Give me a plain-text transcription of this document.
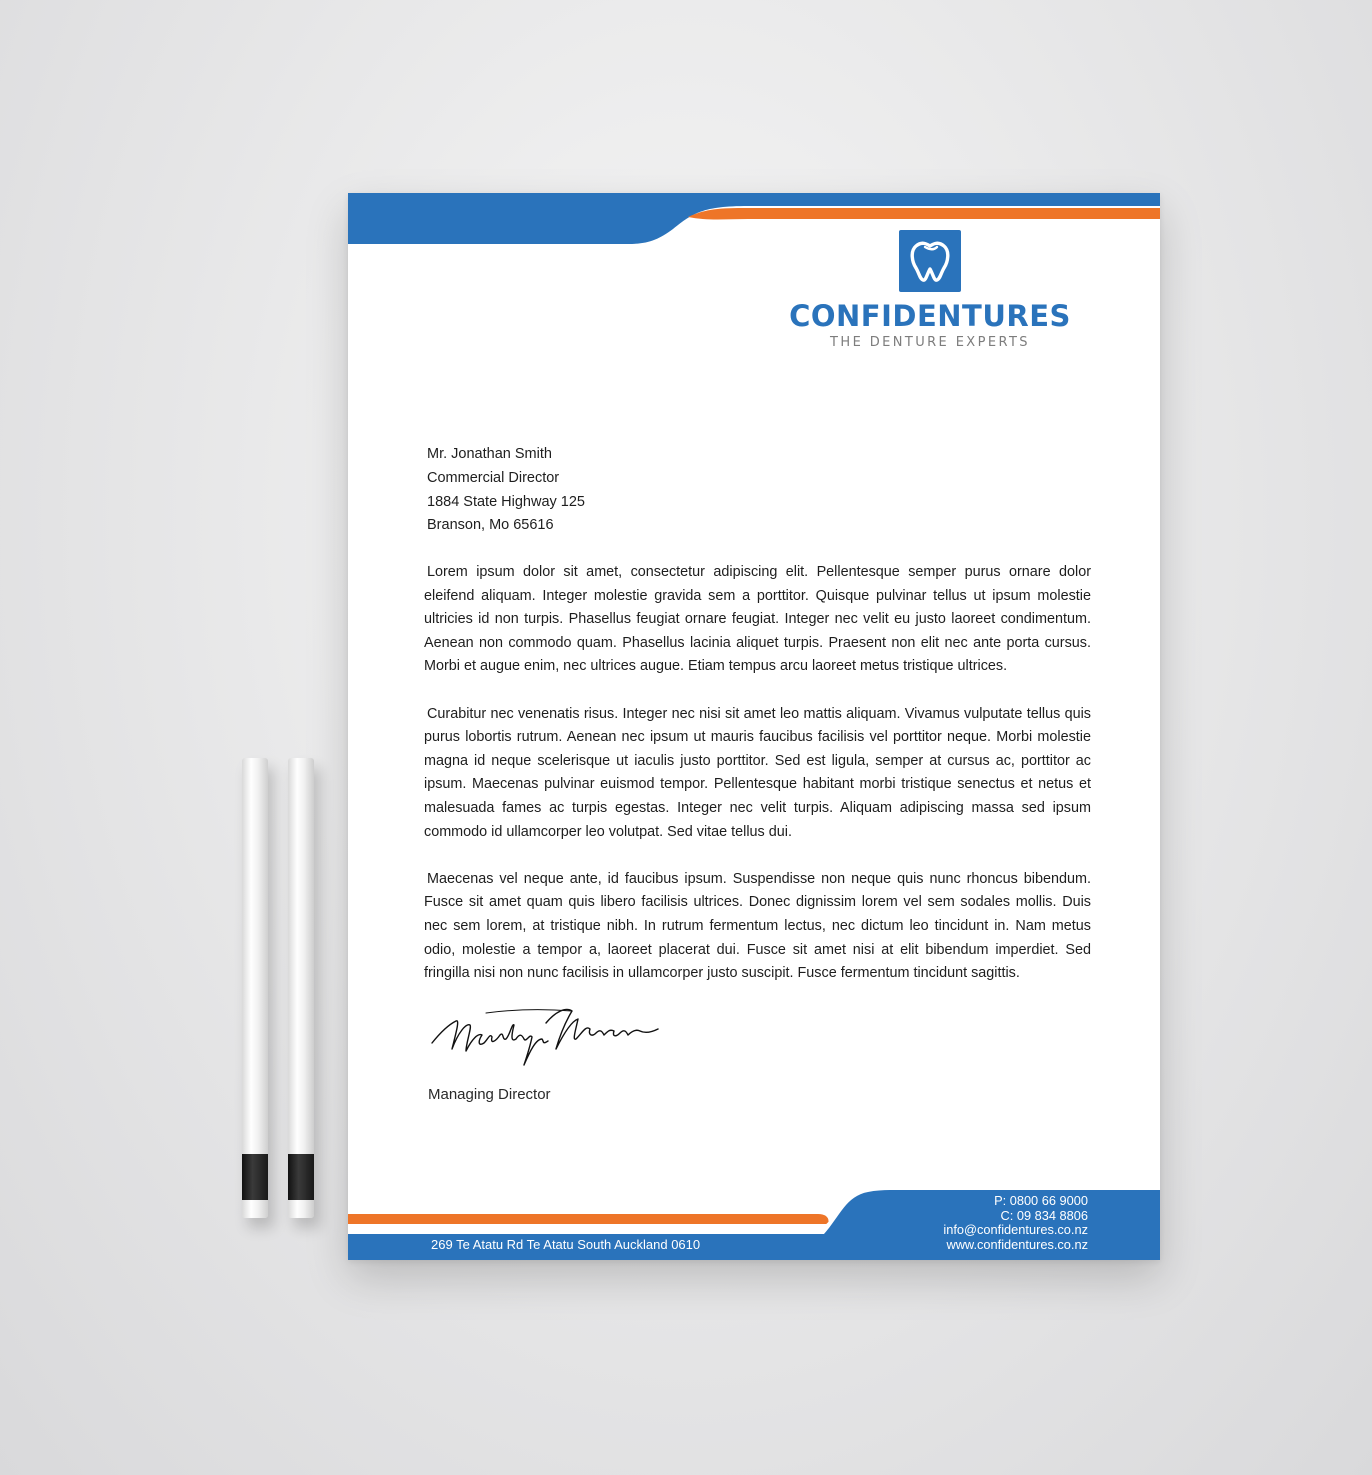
CONFIDENTURES
THE DENTURE EXPERTS
Mr. Jonathan Smith
Commercial Director
1884 State Highway 125
Branson, Mo 65616

Lorem ipsum dolor sit amet, consectetur adipiscing elit. Pellentesque semper purus ornare dolor eleifend aliquam. Integer molestie gravida sem a porttitor. Quisque pulvinar tellus ut ipsum molestie ultricies id non turpis. Phasellus feugiat ornare feugiat. Integer nec velit eu justo laoreet condimentum. Aenean non commodo quam. Phasellus lacinia aliquet turpis. Praesent non elit nec ante porta cursus. Morbi et augue enim, nec ultrices augue. Etiam tempus arcu laoreet metus tristique ultrices.

Curabitur nec venenatis risus. Integer nec nisi sit amet leo mattis aliquam. Vivamus vulputate tellus quis purus lobortis rutrum. Aenean nec ipsum ut mauris faucibus facilisis vel porttitor neque. Morbi molestie magna id neque scelerisque ut iaculis justo porttitor. Sed est ligula, semper at cursus ac, porttitor ac ipsum. Maecenas pulvinar euismod tempor. Pellentesque habitant morbi tristique senectus et netus et malesuada fames ac turpis egestas. Integer nec velit turpis. Aliquam adipiscing massa sed ipsum commodo id ullamcorper leo volutpat. Sed vitae tellus dui.

Maecenas vel neque ante, id faucibus ipsum. Suspendisse non neque quis nunc rhoncus bibendum. Fusce sit amet quam quis libero facilisis ultrices. Donec dignissim lorem vel sem sodales mollis. Duis nec sem lorem, at tristique nibh. In rutrum fermentum lectus, nec dictum leo tincidunt in. Nam metus odio, molestie a tempor a, laoreet placerat dui. Fusce sit amet nisi at elit bibendum imperdiet. Sed fringilla nisi non nunc facilisis in ullamcorper justo suscipit. Fusce fermentum tincidunt sagittis.

Managing Director
P: 0800 66 9000
C: 09 834 8806
info@confidentures.co.nz
www.confidentures.co.nz
269 Te Atatu Rd Te Atatu South Auckland 0610
